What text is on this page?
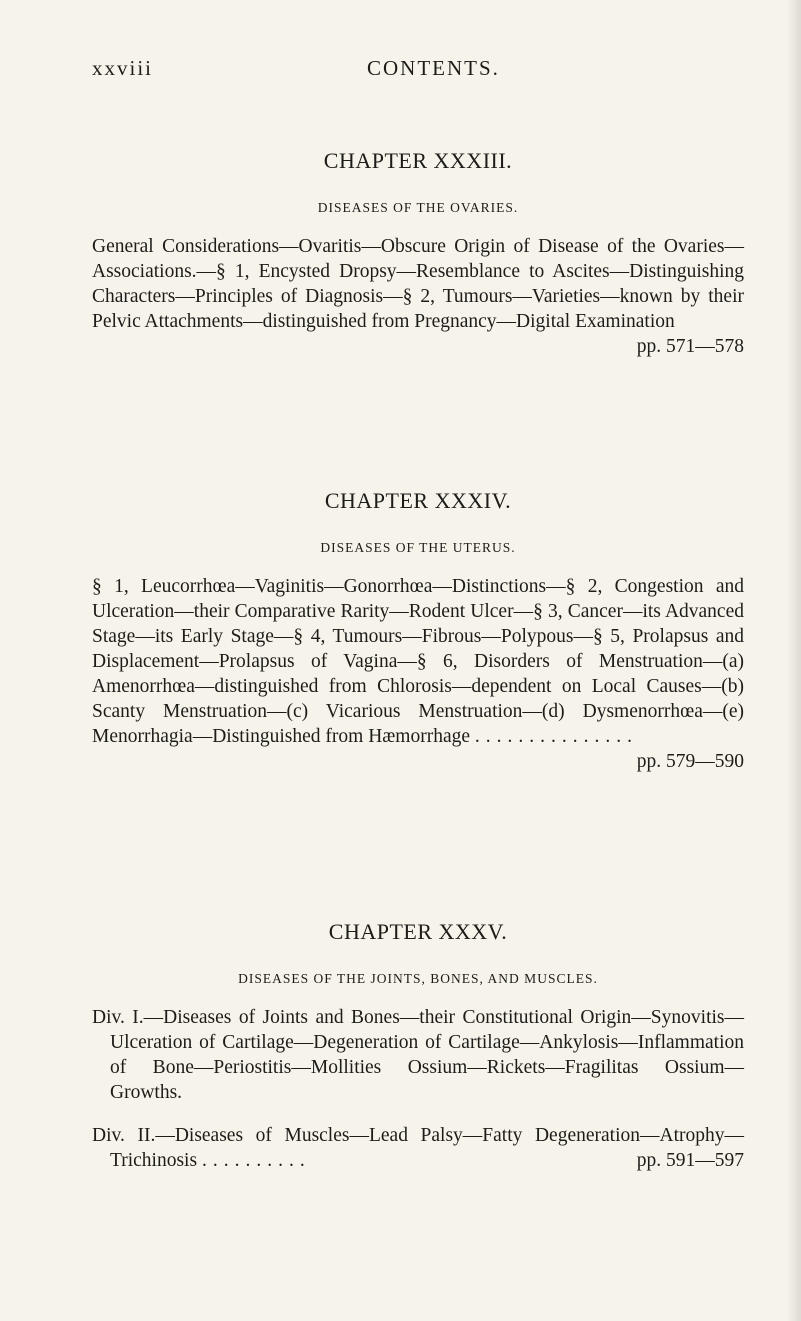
xxviii	CONTENTS.
CHAPTER XXXIII.
DISEASES OF THE OVARIES.

General Considerations—Ovaritis—Obscure Origin of Disease of the Ovaries—Associations.—§ 1, Encysted Dropsy—Resemblance to Ascites—Distinguishing Characters—Principles of Diagnosis—§ 2, Tumours—Varieties—known by their Pelvic Attachments—distinguished from Pregnancy—Digital Examination

pp. 571—578
CHAPTER XXXIV.
DISEASES OF THE UTERUS.

§ 1, Leucorrhœa—Vaginitis—Gonorrhœa—Distinctions—§ 2, Congestion and Ulceration—their Comparative Rarity—Rodent Ulcer—§ 3, Cancer—its Advanced Stage—its Early Stage—§ 4, Tumours—Fibrous—Polypous—§ 5, Prolapsus and Displacement—Prolapsus of Vagina—§ 6, Disorders of Menstruation—(a) Amenorrhœa—distinguished from Chlorosis—dependent on Local Causes—(b) Scanty Menstruation—(c) Vicarious Menstruation—(d) Dysmenorrhœa—(e) Menorrhagia—Distinguished from Hæmorrhage ...............
pp. 579—590

CHAPTER XXXV.
DISEASES OF THE JOINTS, BONES, AND MUSCLES.

Div. I.—Diseases of Joints and Bones—their Constitutional Origin—Synovitis—Ulceration of Cartilage—Degeneration of Cartilage—Ankylosis—Inflammation of Bone—Periostitis—Mollities Ossium—Rickets—Fragilitas Ossium—Growths.

Div. II.—Diseases of Muscles—Lead Palsy—Fatty Degeneration—Atrophy—Trichinosis ..........	pp. 591—597
